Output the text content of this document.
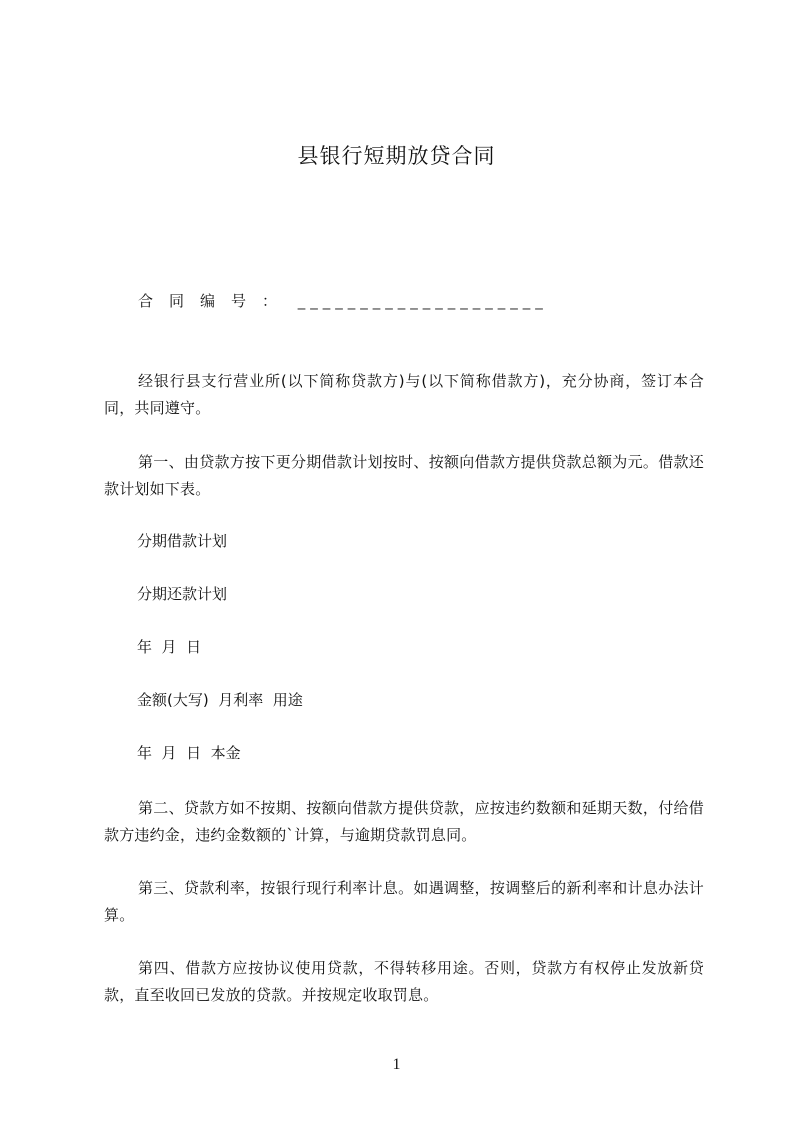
县银行短期放贷合同
合同编号： ____________________
经银行县支行营业所(以下简称贷款方)与(以下简称借款方)，充分协商，签订本合同，共同遵守。
第一、由贷款方按下更分期借款计划按时、按额向借款方提供贷款总额为元。借款还款计划如下表。
分期借款计划
分期还款计划
年  月  日
金额(大写)  月利率  用途
年  月  日  本金
第二、贷款方如不按期、按额向借款方提供贷款，应按违约数额和延期天数，付给借款方违约金，违约金数额的`计算，与逾期贷款罚息同。
第三、贷款利率，按银行现行利率计息。如遇调整，按调整后的新利率和计息办法计算。
第四、借款方应按协议使用贷款，不得转移用途。否则，贷款方有权停止发放新贷款，直至收回已发放的贷款。并按规定收取罚息。
1
